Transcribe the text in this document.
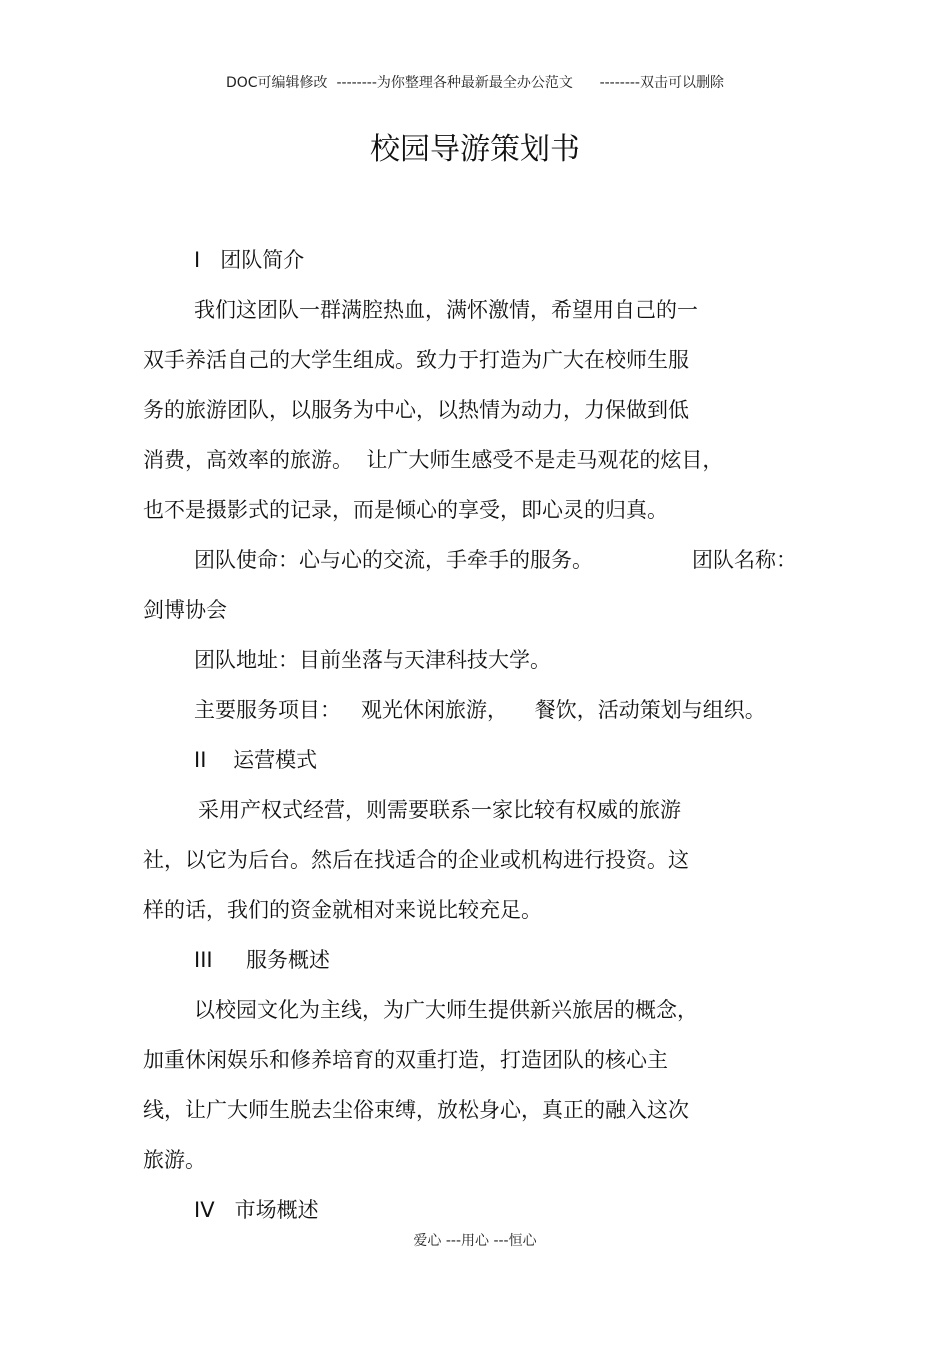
DOC可编辑修改  --------为你整理各种最新最全办公范文      --------双击可以删除
校园导游策划书
I   团队简介
我们这团队一群满腔热血，满怀激情，希望用自己的一
双手养活自己的大学生组成。致力于打造为广大在校师生服
务的旅游团队，以服务为中心，以热情为动力，力保做到低
消费，高效率的旅游。  让广大师生感受不是走马观花的炫目，
也不是摄影式的记录，而是倾心的享受，即心灵的归真。
团队使命：心与心的交流，手牵手的服务。	团队名称：
剑博协会
团队地址：目前坐落与天津科技大学。
主要服务项目：   观光休闲旅游，    餐饮，活动策划与组织。
II    运营模式
采用产权式经营，则需要联系一家比较有权威的旅游
社，以它为后台。然后在找适合的企业或机构进行投资。这
样的话，我们的资金就相对来说比较充足。
III     服务概述
以校园文化为主线，为广大师生提供新兴旅居的概念，
加重休闲娱乐和修养培育的双重打造，打造团队的核心主
线，让广大师生脱去尘俗束缚，放松身心，真正的融入这次
旅游。
IV   市场概述
爱心 ---用心 ---恒心
